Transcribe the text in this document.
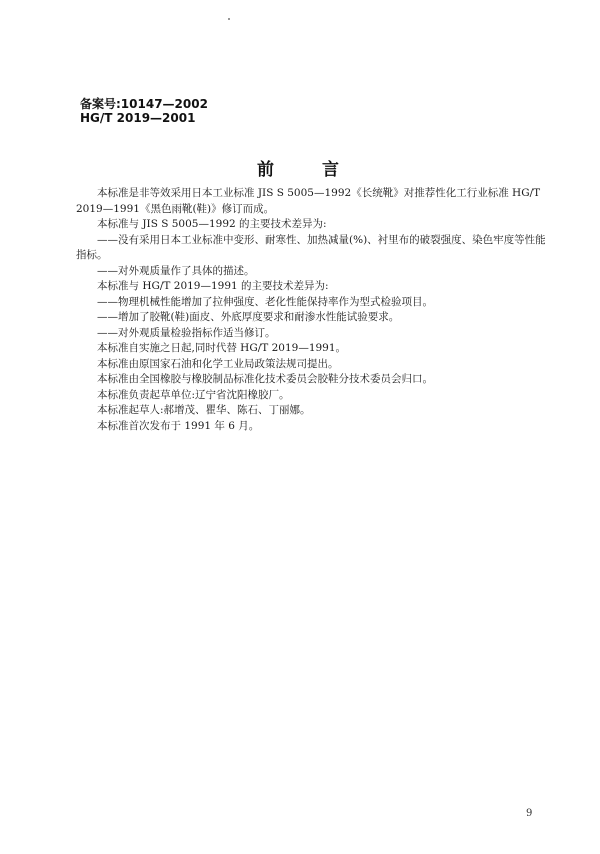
备案号:10147—2002
HG/T 2019—2001
前	言

本标准是非等效采用日本工业标准 JIS S 5005—1992《长统靴》对推荐性化工行业标准 HG/T 2019—1991《黑色雨靴(鞋)》修订而成。

本标准与 JIS S 5005—1992 的主要技术差异为:

——没有采用日本工业标准中变形、耐寒性、加热减量(%)、衬里布的破裂强度、染色牢度等性能指标。

——对外观质量作了具体的描述。

本标准与 HG/T 2019—1991 的主要技术差异为:

——物理机械性能增加了拉伸强度、老化性能保持率作为型式检验项目。

——增加了胶靴(鞋)面皮、外底厚度要求和耐渗水性能试验要求。

——对外观质量检验指标作适当修订。

本标准自实施之日起,同时代替 HG/T 2019—1991。

本标准由原国家石油和化学工业局政策法规司提出。

本标准由全国橡胶与橡胶制品标准化技术委员会胶鞋分技术委员会归口。

本标准负责起草单位:辽宁省沈阳橡胶厂。

本标准起草人:郝增茂、瞿华、陈石、丁丽娜。

本标准首次发布于 1991 年 6 月。

9
